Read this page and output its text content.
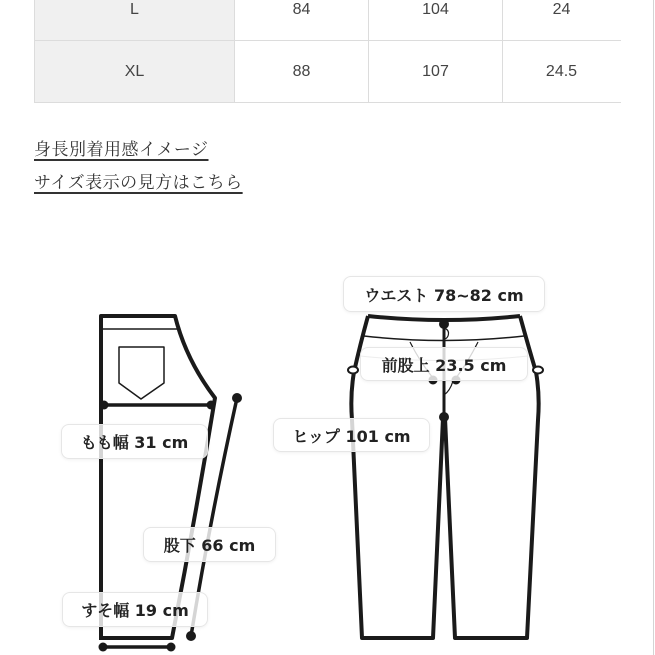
L	84	104	24
XL	88	107	24.5
身長別着用感イメージ
サイズ表示の見方はこちら
ウエスト 78~82 cm
前股上 23.5 cm
ヒップ 101 cm
もも幅 31 cm
股下 66 cm
すそ幅 19 cm
